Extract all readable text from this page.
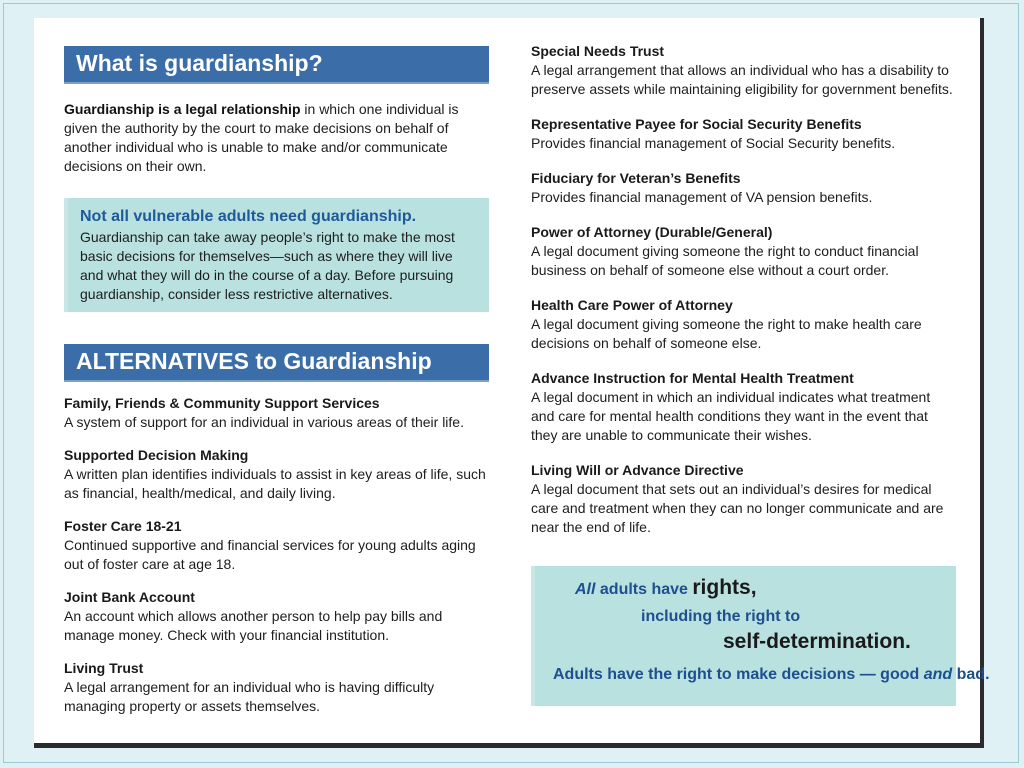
What is guardianship?

Guardianship is a legal relationship in which one individual is given the authority by the court to make decisions on behalf of another individual who is unable to make and/or communicate decisions on their own.

Not all vulnerable adults need guardianship.
Guardianship can take away people’s right to make the most basic decisions for themselves—such as where they will live and what they will do in the course of a day. Before pursuing guardianship, consider less restrictive alternatives.
ALTERNATIVES to Guardianship
Family, Friends & Community Support Services
A system of support for an individual in various areas of their life.
Supported Decision Making
A written plan identifies individuals to assist in key areas of life, such as financial, health/medical, and daily living.
Foster Care 18-21
Continued supportive and financial services for young adults aging out of foster care at age 18.
Joint Bank Account
An account which allows another person to help pay bills and manage money. Check with your financial institution.
Living Trust
A legal arrangement for an individual who is having difficulty managing property or assets themselves.
Special Needs Trust
A legal arrangement that allows an individual who has a disability to preserve assets while maintaining eligibility for government benefits.
Representative Payee for Social Security Benefits
Provides financial management of Social Security benefits.
Fiduciary for Veteran’s Benefits
Provides financial management of VA pension benefits.
Power of Attorney (Durable/General)
A legal document giving someone the right to conduct financial business on behalf of someone else without a court order.
Health Care Power of Attorney
A legal document giving someone the right to make health care decisions on behalf of someone else.
Advance Instruction for Mental Health Treatment
A legal document in which an individual indicates what treatment and care for mental health conditions they want in the event that they are unable to communicate their wishes.
Living Will or Advance Directive
A legal document that sets out an individual’s desires for medical care and treatment when they can no longer communicate and are near the end of life.
All adults have rights,
including the right to
self-determination.
Adults have the right to make decisions — good and bad.
